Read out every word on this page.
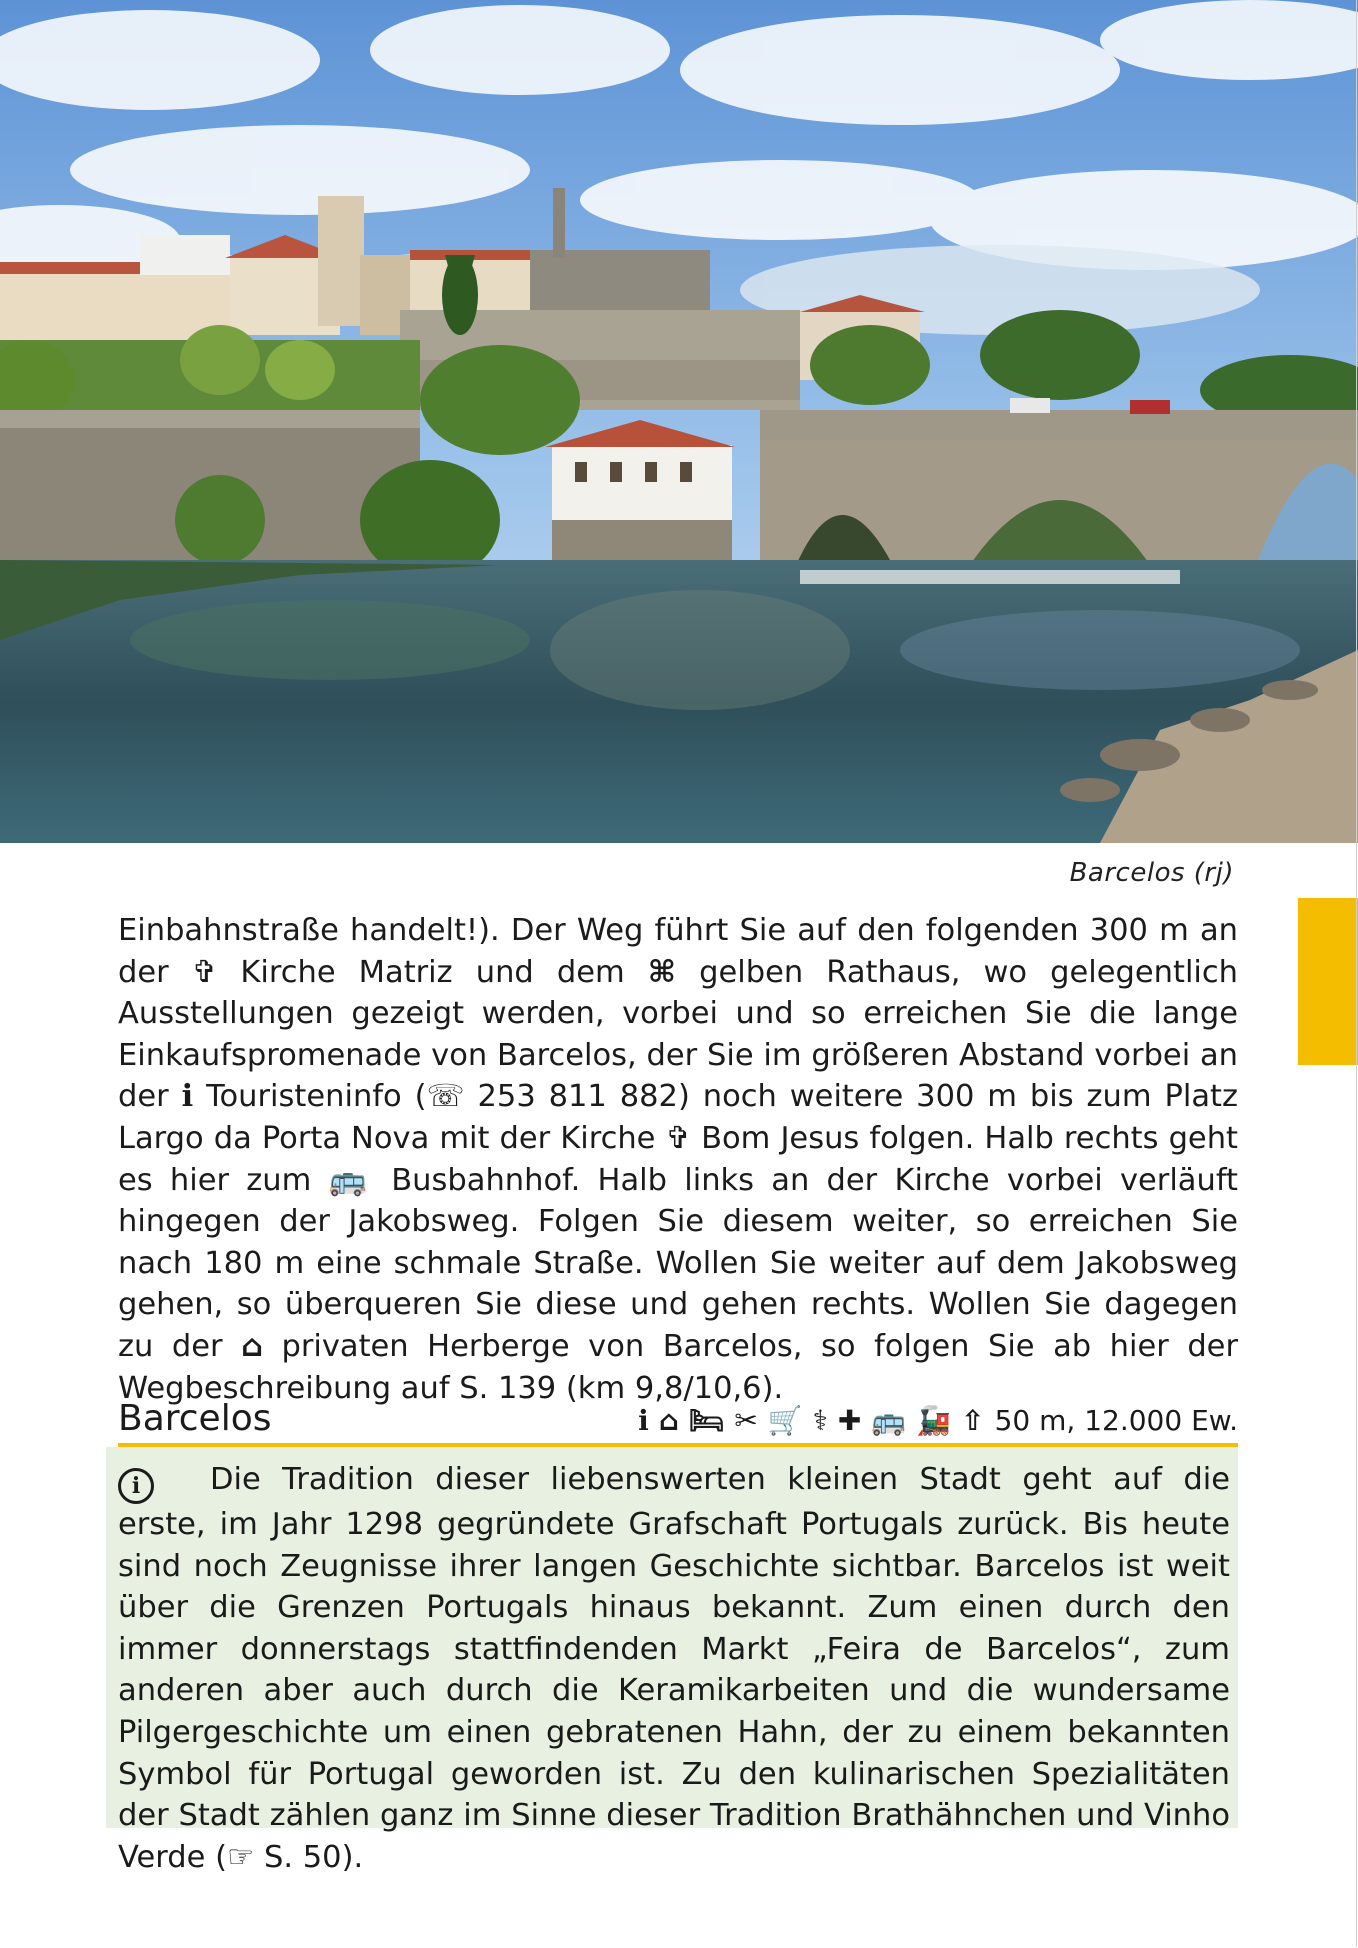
Barcelos (rj)

Einbahnstraße handelt!). Der Weg führt Sie auf den folgenden 300 m an der ✞ Kirche Matriz und dem ⌘ gelben Rathaus, wo gelegentlich Ausstellungen gezeigt werden, vorbei und so erreichen Sie die lange Einkaufspromenade von Barcelos, der Sie im größeren Abstand vorbei an der ℹ Touristeninfo (☏ 253 811 882) noch weitere 300 m bis zum Platz Largo da Porta Nova mit der Kirche ✞ Bom Jesus folgen. Halb rechts geht es hier zum 🚌 Busbahnhof. Halb links an der Kirche vorbei verläuft hingegen der Jakobsweg. Folgen Sie diesem weiter, so erreichen Sie nach 180 m eine schmale Straße. Wollen Sie weiter auf dem Jakobsweg gehen, so überqueren Sie diese und gehen rechts. Wollen Sie dagegen zu der ⌂ privaten Herberge von Barcelos, so folgen Sie ab hier der Wegbeschreibung auf S. 139 (km 9,8/10,6).

Barcelos	ℹ ⌂ 🛏 ✂ 🛒 ⚕ ✚ 🚌 🚂 ⇧ 50 m, 12.000 Ew.

i Die Tradition dieser liebenswerten kleinen Stadt geht auf die erste, im Jahr 1298 gegründete Grafschaft Portugals zurück. Bis heute sind noch Zeugnisse ihrer langen Geschichte sichtbar. Barcelos ist weit über die Grenzen Portugals hinaus bekannt. Zum einen durch den immer donnerstags stattfindenden Markt „Feira de Barcelos“, zum anderen aber auch durch die Keramikarbeiten und die wundersame Pilgergeschichte um einen gebratenen Hahn, der zu einem bekannten Symbol für Portugal geworden ist. Zu den kulinarischen Spezialitäten der Stadt zählen ganz im Sinne dieser Tradition Brathähnchen und Vinho Verde (☞ S. 50).
